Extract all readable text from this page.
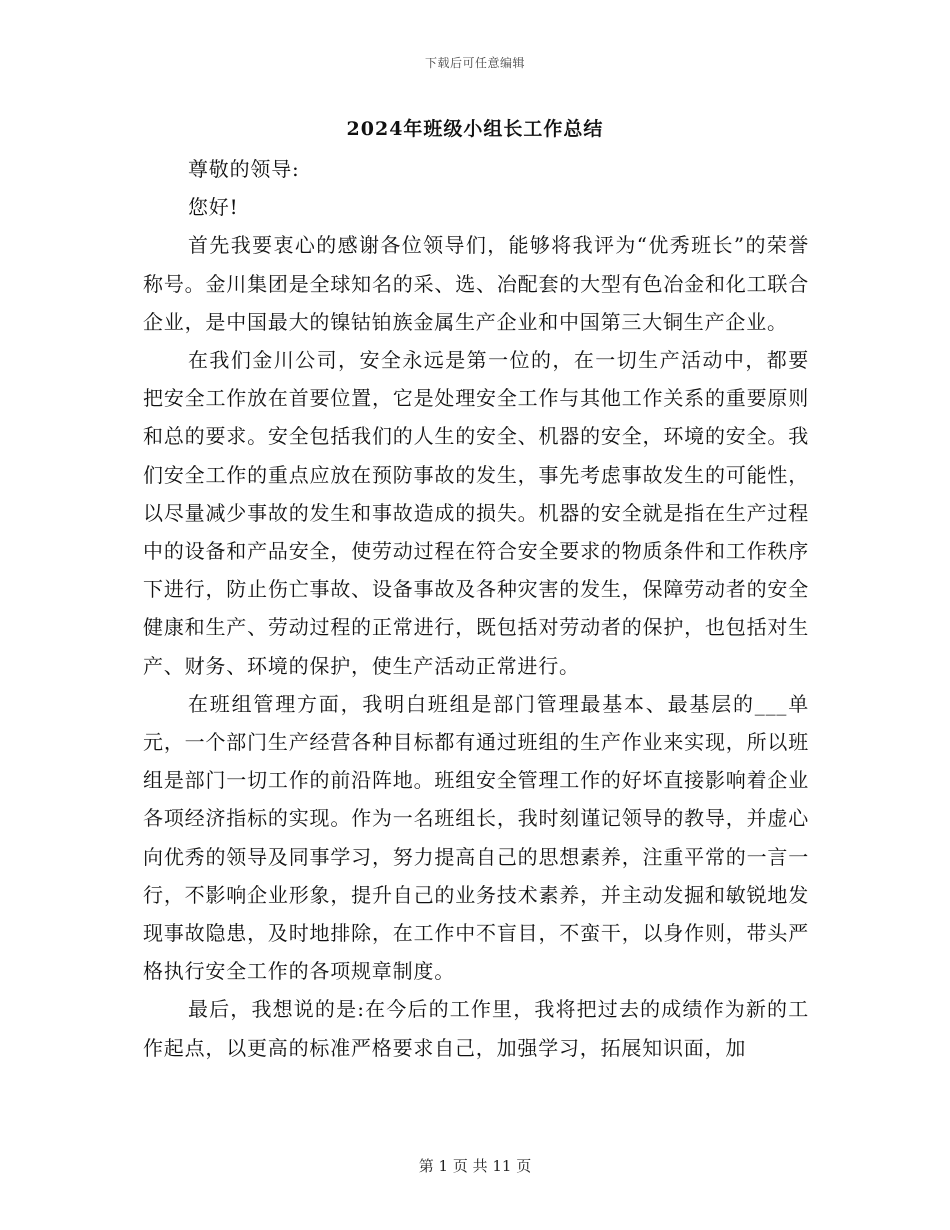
下载后可任意编辑
2024年班级小组长工作总结

尊敬的领导:

您好!

首先我要衷心的感谢各位领导们，能够将我评为“优秀班长”的荣誉称号。金川集团是全球知名的采、选、冶配套的大型有色冶金和化工联合企业，是中国最大的镍钴铂族金属生产企业和中国第三大铜生产企业。

在我们金川公司，安全永远是第一位的，在一切生产活动中，都要把安全工作放在首要位置，它是处理安全工作与其他工作关系的重要原则和总的要求。安全包括我们的人生的安全、机器的安全，环境的安全。我们安全工作的重点应放在预防事故的发生，事先考虑事故发生的可能性，以尽量减少事故的发生和事故造成的损失。机器的安全就是指在生产过程中的设备和产品安全，使劳动过程在符合安全要求的物质条件和工作秩序下进行，防止伤亡事故、设备事故及各种灾害的发生，保障劳动者的安全健康和生产、劳动过程的正常进行，既包括对劳动者的保护，也包括对生产、财务、环境的保护，使生产活动正常进行。

在班组管理方面，我明白班组是部门管理最基本、最基层的___单元，一个部门生产经营各种目标都有通过班组的生产作业来实现，所以班组是部门一切工作的前沿阵地。班组安全管理工作的好坏直接影响着企业各项经济指标的实现。作为一名班组长，我时刻谨记领导的教导，并虚心向优秀的领导及同事学习，努力提高自己的思想素养，注重平常的一言一行，不影响企业形象，提升自己的业务技术素养，并主动发掘和敏锐地发现事故隐患，及时地排除，在工作中不盲目，不蛮干，以身作则，带头严格执行安全工作的各项规章制度。

最后，我想说的是:在今后的工作里，我将把过去的成绩作为新的工作起点，以更高的标准严格要求自己，加强学习，拓展知识面，加

第 1 页 共 11 页
